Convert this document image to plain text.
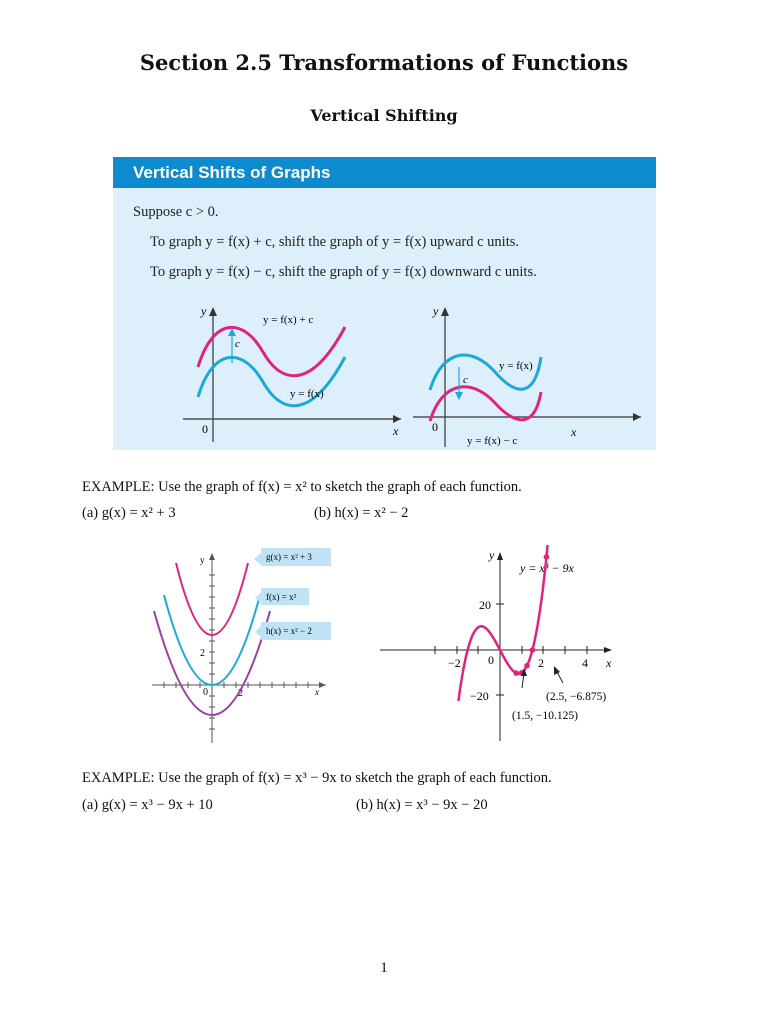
Section 2.5 Transformations of Functions
Vertical Shifting
Vertical Shifts of Graphs
Suppose c > 0.
To graph y = f(x) + c, shift the graph of y = f(x) upward c units.
To graph y = f(x) − c, shift the graph of y = f(x) downward c units.
y
x
0
c
y = f(x) + c
y = f(x)
y
x
0
c
y = f(x)
y = f(x) − c
EXAMPLE: Use the graph of f(x) = x² to sketch the graph of each function.
(a) g(x) = x² + 3	(b) h(x) = x² − 2
y
x
0	2
2
g(x) = x² + 3
f(x) = x²
h(x) = x² − 2
y
x
y = x³ − 9x
−2 0	2	4
20
−20	(2.5, −6.875)
(1.5, −10.125)
EXAMPLE: Use the graph of f(x) = x³ − 9x to sketch the graph of each function.
(a) g(x) = x³ − 9x + 10	(b) h(x) = x³ − 9x − 20
1
